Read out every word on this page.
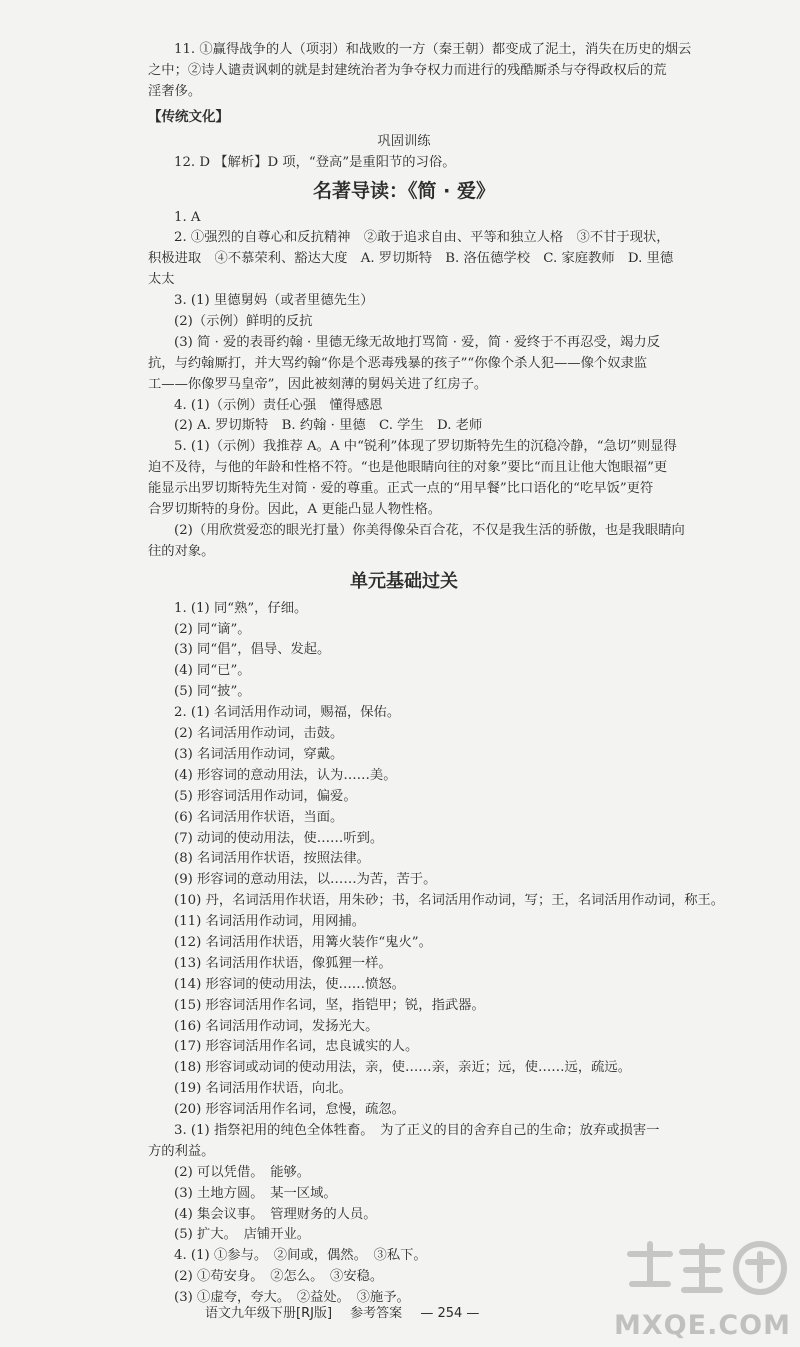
11. ①赢得战争的人（项羽）和战败的一方（秦王朝）都变成了泥土，消失在历史的烟云
之中；②诗人谴责讽刺的就是封建统治者为争夺权力而进行的残酷厮杀与夺得政权后的荒
淫奢侈。
【传统文化】
巩固训练
12. D 【解析】D 项，“登高”是重阳节的习俗。
名著导读：《简 · 爱》
1. A
2. ①强烈的自尊心和反抗精神　②敢于追求自由、平等和独立人格　③不甘于现状，
积极进取　④不慕荣利、豁达大度　A. 罗切斯特　B. 洛伍德学校　C. 家庭教师　D. 里德
太太
3. (1) 里德舅妈（或者里德先生）
(2)（示例）鲜明的反抗
(3) 简 · 爱的表哥约翰 · 里德无缘无故地打骂简 · 爱，简 · 爱终于不再忍受，竭力反
抗，与约翰厮打，并大骂约翰“你是个恶毒残暴的孩子”“你像个杀人犯——像个奴隶监
工——你像罗马皇帝”，因此被刻薄的舅妈关进了红房子。
4. (1)（示例）责任心强　懂得感恩
(2) A. 罗切斯特　B. 约翰 · 里德　C. 学生　D. 老师
5. (1)（示例）我推荐 A。A 中“锐利”体现了罗切斯特先生的沉稳冷静，“急切”则显得
迫不及待，与他的年龄和性格不符。“也是他眼睛向往的对象”要比“而且让他大饱眼福”更
能显示出罗切斯特先生对简 · 爱的尊重。正式一点的“用早餐”比口语化的“吃早饭”更符
合罗切斯特的身份。因此，A 更能凸显人物性格。
(2)（用欣赏爱恋的眼光打量）你美得像朵百合花，不仅是我生活的骄傲，也是我眼睛向
往的对象。
单元基础过关
1. (1) 同“熟”，仔细。
(2) 同“谪”。
(3) 同“倡”，倡导、发起。
(4) 同“已”。
(5) 同“披”。
2. (1) 名词活用作动词，赐福，保佑。
(2) 名词活用作动词，击鼓。
(3) 名词活用作动词，穿戴。
(4) 形容词的意动用法，认为……美。
(5) 形容词活用作动词，偏爱。
(6) 名词活用作状语，当面。
(7) 动词的使动用法，使……听到。
(8) 名词活用作状语，按照法律。
(9) 形容词的意动用法，以……为苦，苦于。
(10) 丹，名词活用作状语，用朱砂；书，名词活用作动词，写；王，名词活用作动词，称王。
(11) 名词活用作动词，用网捕。
(12) 名词活用作状语，用篝火装作“鬼火”。
(13) 名词活用作状语，像狐狸一样。
(14) 形容词的使动用法，使……愤怒。
(15) 形容词活用作名词，坚，指铠甲；锐，指武器。
(16) 名词活用作动词，发扬光大。
(17) 形容词活用作名词，忠良诚实的人。
(18) 形容词或动词的使动用法，亲，使……亲，亲近；远，使……远，疏远。
(19) 名词活用作状语，向北。
(20) 形容词活用作名词，怠慢，疏忽。
3. (1) 指祭祀用的纯色全体牲畜。　为了正义的目的舍弃自己的生命；放弃或损害一
方的利益。
(2) 可以凭借。　能够。
(3) 土地方圆。　某一区域。
(4) 集会议事。　管理财务的人员。
(5) 扩大。　店铺开业。
4. (1) ①参与。　②间或，偶然。　③私下。
(2) ①苟安身。　②怎么。　③安稳。
(3) ①虚夸，夸大。　②益处。　③施予。
语文九年级下册[RJ版] 参考答案 — 254 —	MXQE.COM
